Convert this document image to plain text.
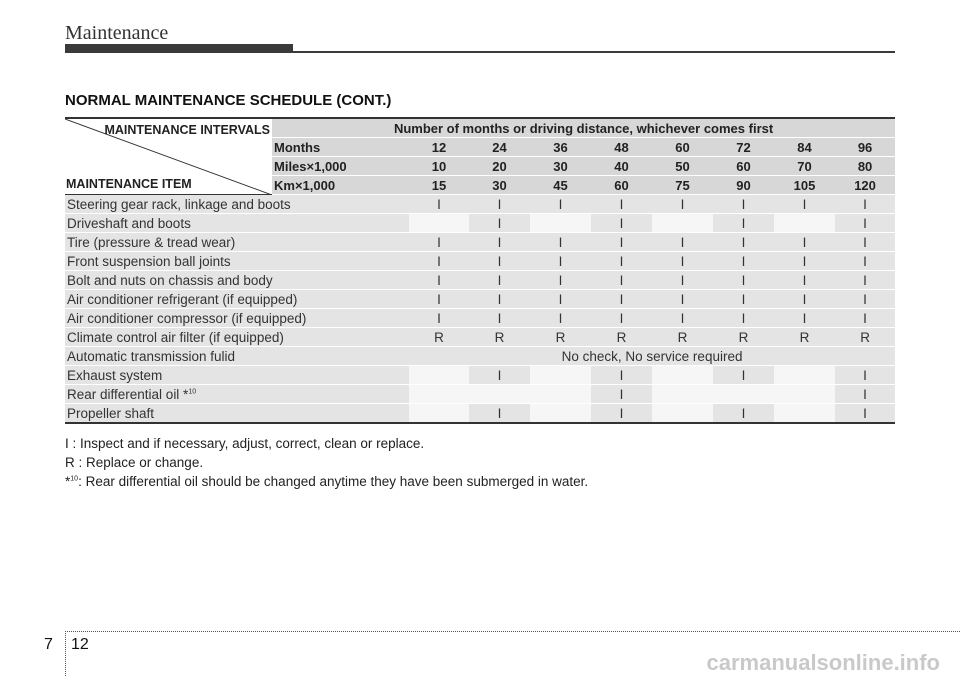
Maintenance
NORMAL MAINTENANCE SCHEDULE (CONT.)
MAINTENANCE INTERVALS
MAINTENANCE ITEM	Number of months or driving distance, whichever comes first								
	Months	12	24	36	48	60	72	84	96
	Miles×1,000	10	20	30	40	50	60	70	80
	Km×1,000	15	30	45	60	75	90	105	120
Steering gear rack, linkage and boots		I	I	I	I	I	I	I	I
Driveshaft and boots			I		I		I		I
Tire (pressure & tread wear)		I	I	I	I	I	I	I	I
Front suspension ball joints		I	I	I	I	I	I	I	I
Bolt and nuts on chassis and body		I	I	I	I	I	I	I	I
Air conditioner refrigerant (if equipped)		I	I	I	I	I	I	I	I
Air conditioner compressor (if equipped)		I	I	I	I	I	I	I	I
Climate control air filter (if equipped)		R	R	R	R	R	R	R	R
Automatic transmission fulid		No check, No service required							
Exhaust system			I		I		I		I
Rear differential oil *$^{10}$					I				I
Propeller shaft			I		I		I		I
I : Inspect and if necessary, adjust, correct, clean or replace.
R : Replace or change.
*$^{10}$: Rear differential oil should be changed anytime they have been submerged in water.
7 12
carmanualsonline.info
